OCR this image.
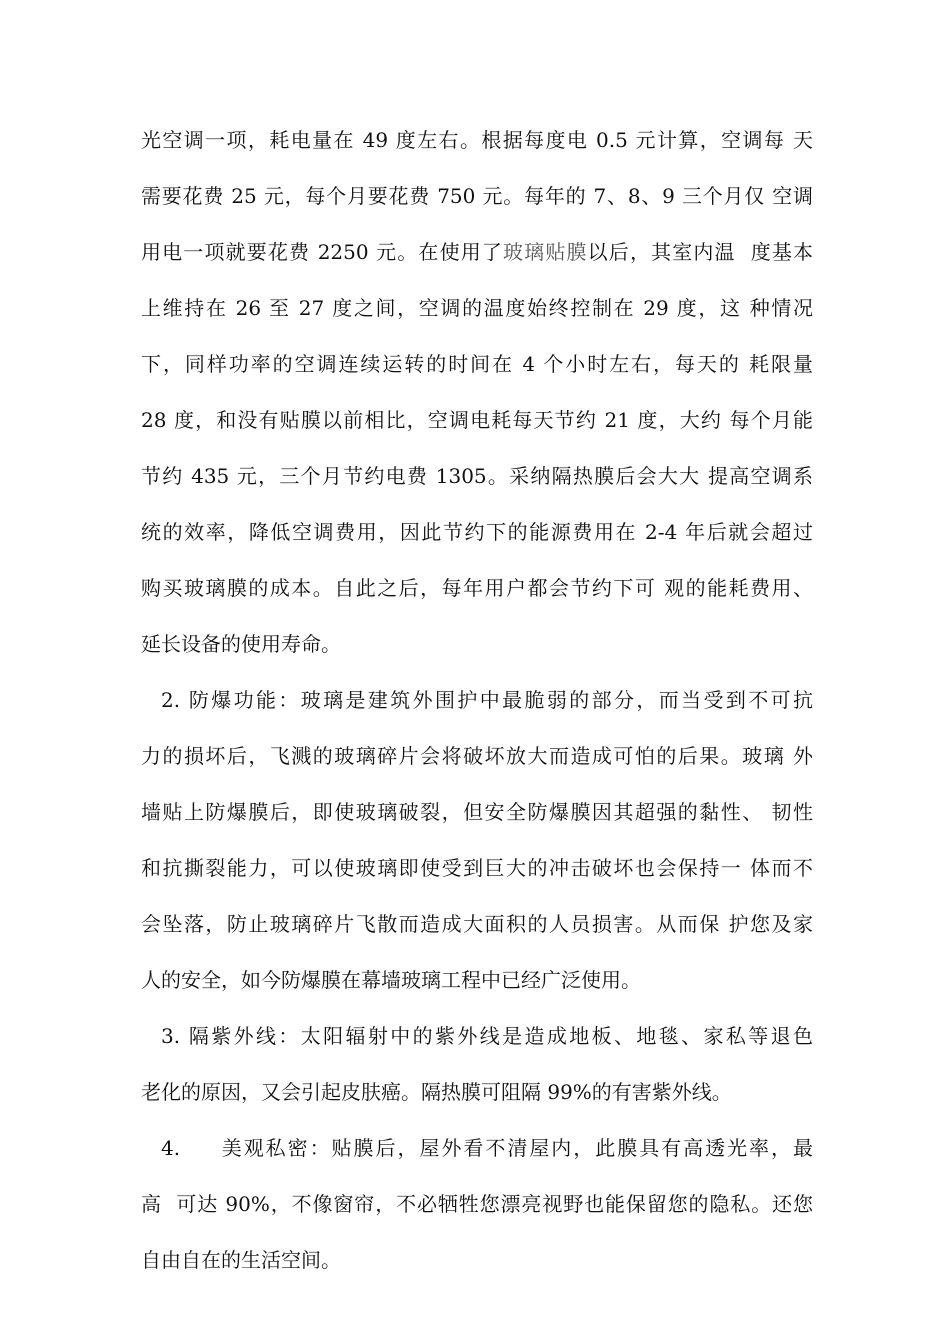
光空调一项，耗电量在 49 度左右。根据每度电 0.5 元计算，空调每 天
需要花费 25 元，每个月要花费 750 元。每年的 7、8、9 三个月仅 空调
用电一项就要花费 2250 元。在使用了玻璃贴膜以后，其室内温  度基本
上维持在 26 至 27 度之间，空调的温度始终控制在 29 度，这 种情况
下，同样功率的空调连续运转的时间在 4 个小时左右，每天的 耗限量
28 度，和没有贴膜以前相比，空调电耗每天节约 21 度，大约 每个月能
节约 435 元，三个月节约电费 1305。采纳隔热膜后会大大 提高空调系
统的效率，降低空调费用，因此节约下的能源费用在 2-4 年后就会超过
购买玻璃膜的成本。自此之后，每年用户都会节约下可 观的能耗费用、
延长设备的使用寿命。
2. 防爆功能：玻璃是建筑外围护中最脆弱的部分，而当受到不可抗
力的损坏后，飞溅的玻璃碎片会将破坏放大而造成可怕的后果。玻璃 外
墙贴上防爆膜后，即使玻璃破裂，但安全防爆膜因其超强的黏性、 韧性
和抗撕裂能力，可以使玻璃即使受到巨大的冲击破坏也会保持一 体而不
会坠落，防止玻璃碎片飞散而造成大面积的人员损害。从而保 护您及家
人的安全，如今防爆膜在幕墙玻璃工程中已经广泛使用。
3. 隔紫外线：太阳辐射中的紫外线是造成地板、地毯、家私等退色
老化的原因，又会引起皮肤癌。隔热膜可阻隔 99%的有害紫外线。
4.     美观私密：贴膜后，屋外看不清屋内，此膜具有高透光率，最
高  可达 90%，不像窗帘，不必牺牲您漂亮视野也能保留您的隐私。还您
自由自在的生活空间。
